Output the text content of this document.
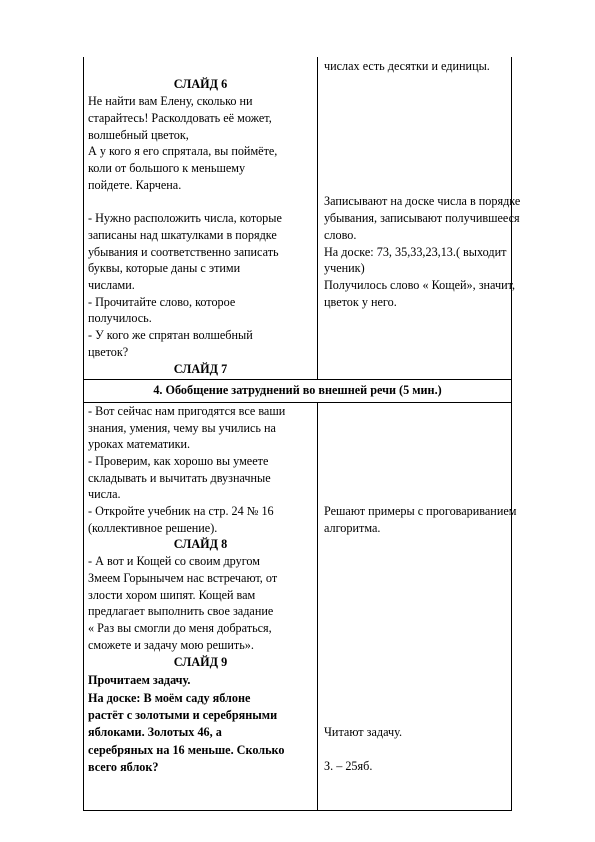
числах есть десятки и единицы.
СЛАЙД 6
Не найти вам Елену, сколько ни
старайтесь! Расколдовать её может,
волшебный цветок,
А у кого я его спрятала, вы поймёте,
коли от большого к меньшему
пойдете. Карчена.
- Нужно расположить числа, которые
записаны над шкатулками в порядке
убывания и соответственно записать
буквы, которые даны с этими
числами.
- Прочитайте слово, которое
получилось.
- У кого же спрятан волшебный
цветок?
СЛАЙД 7
Записывают на доске числа в порядке
убывания, записывают получившееся
слово.
На доске: 73, 35,33,23,13.( выходит
ученик)
Получилось слово « Кощей», значит,
цветок у него.
4. Обобщение затруднений во внешней речи (5 мин.)
- Вот сейчас нам пригодятся все ваши
знания, умения, чему вы учились на
уроках математики.
- Проверим, как хорошо вы умеете
складывать и вычитать двузначные
числа.
- Откройте учебник на стр. 24 № 16
(коллективное решение).
СЛАЙД 8
- А вот и Кощей со своим другом
Змеем Горынычем нас встречают, от
злости хором шипят. Кощей вам
предлагает выполнить свое задание
« Раз вы смогли до меня добраться,
сможете и задачу мою решить».
СЛАЙД 9
Прочитаем задачу.
На доске: В моём саду яблоне
растёт с золотыми и серебряными
яблоками. Золотых 46, а
серебряных на 16 меньше. Сколько
всего яблок?
Решают примеры с проговариванием
алгоритма.
Читают задачу.
З. – 25яб.
